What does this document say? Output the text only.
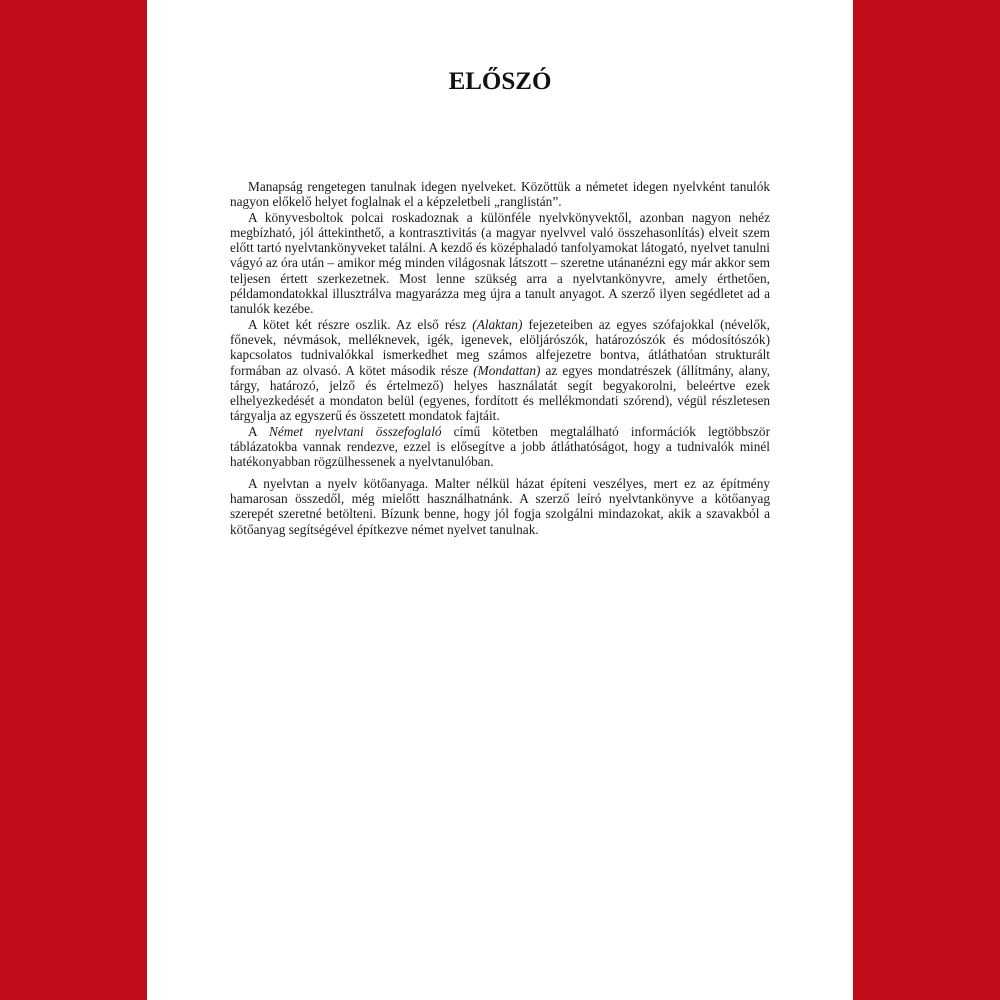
ELŐSZÓ

Manapság rengetegen tanulnak idegen nyelveket. Közöttük a németet idegen nyelvként tanulók nagyon előkelő helyet foglalnak el a képzeletbeli „ranglistán”.

A könyvesboltok polcai roskadoznak a különféle nyelvkönyvektől, azonban nagyon nehéz megbízható, jól áttekinthető, a kontrasztivitás (a magyar nyelvvel való összehasonlítás) elveit szem előtt tartó nyelvtankönyveket találni. A kezdő és középhaladó tanfolyamokat látogató, nyelvet tanulni vágyó az óra után – amikor még minden világosnak látszott – szeretne utánanézni egy már akkor sem teljesen értett szerkezetnek. Most lenne szükség arra a nyelvtankönyvre, amely érthetően, példamondatokkal illusztrálva magyarázza meg újra a tanult anyagot. A szerző ilyen segédletet ad a tanulók kezébe.

A kötet két részre oszlik. Az első rész (Alaktan) fejezeteiben az egyes szófajokkal (névelők, főnevek, névmások, melléknevek, igék, igenevek, elöljárószók, határozószók és módosítószók) kapcsolatos tudnivalókkal ismerkedhet meg számos alfejezetre bontva, átláthatóan strukturált formában az olvasó. A kötet második része (Mondattan) az egyes mondatrészek (állítmány, alany, tárgy, határozó, jelző és értelmező) helyes használatát segít begyakorolni, beleértve ezek elhelyezkedését a mondaton belül (egyenes, fordított és mellékmondati szórend), végül részletesen tárgyalja az egyszerű és összetett mondatok fajtáit.

A Német nyelvtani összefoglaló című kötetben megtalálható információk legtöbbször táblázatokba vannak rendezve, ezzel is elősegítve a jobb átláthatóságot, hogy a tudnivalók minél hatékonyabban rögzülhessenek a nyelvtanulóban.

A nyelvtan a nyelv kötőanyaga. Malter nélkül házat építeni veszélyes, mert ez az építmény hamarosan összedől, még mielőtt használhatnánk. A szerző leíró nyelvtankönyve a kötőanyag szerepét szeretné betölteni. Bízunk benne, hogy jól fogja szolgálni mindazokat, akik a szavakból a kötőanyag segítségével építkezve német nyelvet tanulnak.
